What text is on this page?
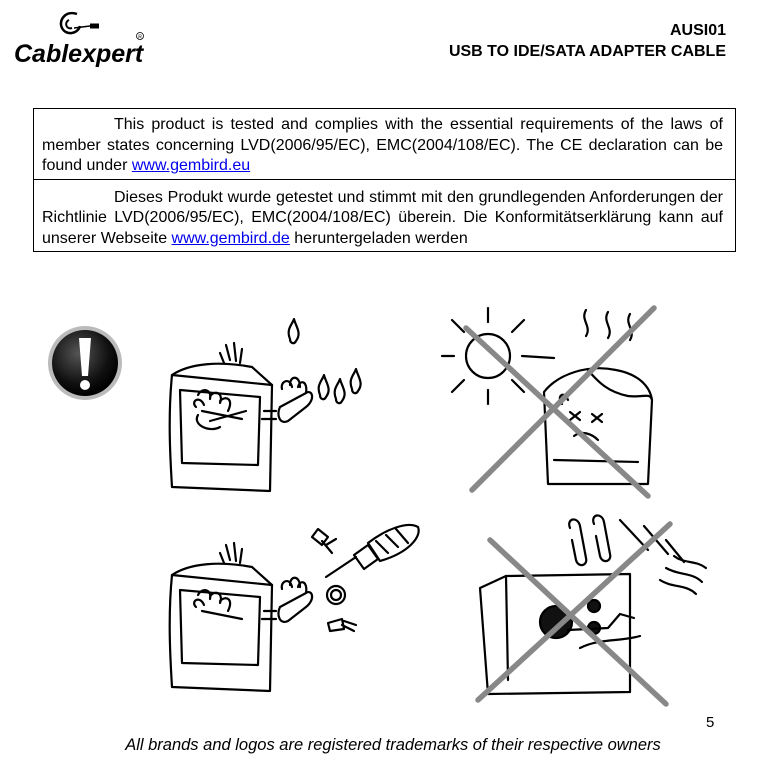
Cablexpert
R	AUSI01
USB TO IDE/SATA ADAPTER CABLE
This product is tested and complies with the essential requirements of the laws of member states concerning LVD(2006/95/EC), EMC(2004/108/EC). The CE declaration can be found under www.gembird.eu
Dieses Produkt wurde getestet und stimmt mit den grundlegenden Anforderungen der Richtlinie LVD(2006/95/EC), EMC(2004/108/EC) überein. Die Konformitätserklärung kann auf unserer Webseite www.gembird.de heruntergeladen werden
5
All brands and logos are registered trademarks of their respective owners
